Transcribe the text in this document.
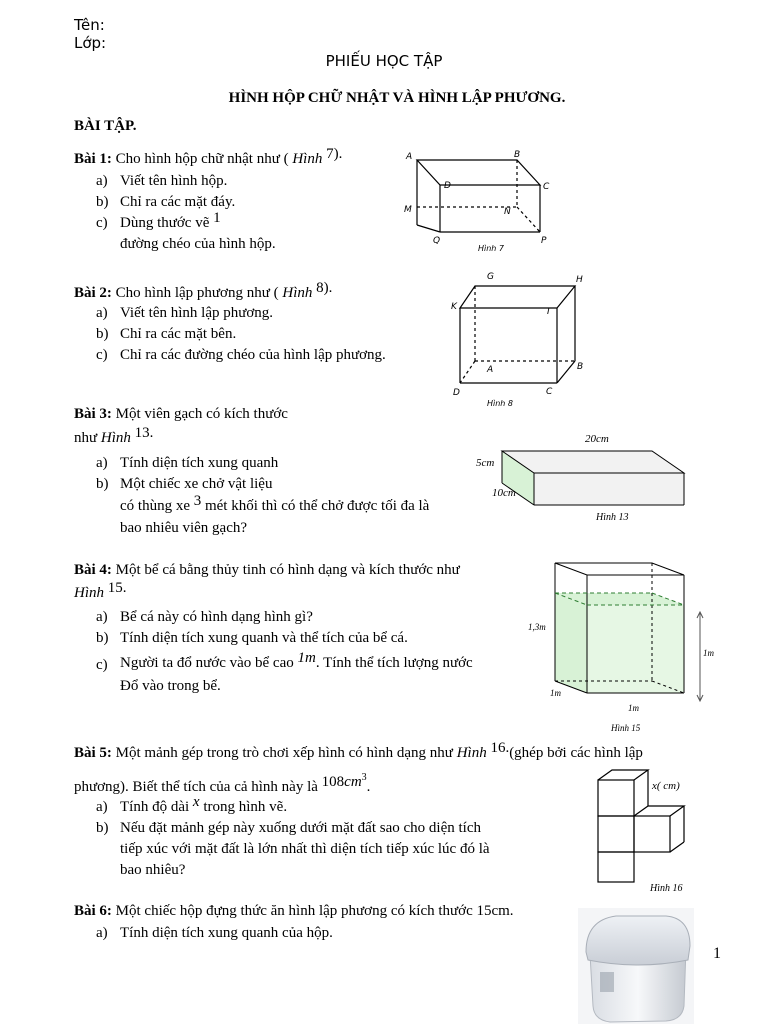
Tên:
Lớp:
PHIẾU HỌC TẬP
HÌNH HỘP CHỮ NHẬT VÀ HÌNH LẬP PHƯƠNG.
BÀI TẬP.
Bài 1: Cho hình hộp chữ nhật như ( Hình 7).
a) Viết tên hình hộp.
b) Chỉ ra các mặt đáy.
c) Dùng thước vẽ 1
đường chéo của hình hộp.
A	B
C
D
M	N
P
Q
Hình 7
Bài 2: Cho hình lập phương như ( Hình 8).
a) Viết tên hình lập phương.
b) Chỉ ra các mặt bên.
c) Chỉ ra các đường chéo của hình lập phương.
G	H
K	I
A	B
C
D
Hình 8
Bài 3: Một viên gạch có kích thước
như Hình 13.
a) Tính diện tích xung quanh
b) Một chiếc xe chở vật liệu
có thùng xe 3 mét khối thì có thể chở được tối đa là
bao nhiêu viên gạch?
20cm
5cm
10cm
Hình 13
Bài 4: Một bể cá bằng thủy tinh có hình dạng và kích thước như
Hình 15.
a) Bể cá này có hình dạng hình gì?
b) Tính diện tích xung quanh và thể tích của bể cá.
c) Người ta đổ nước vào bể cao 1m. Tính thể tích lượng nước
Đổ vào trong bể.
1,3m
1m
1m
1m
Hình 15
Bài 5: Một mảnh gép trong trò chơi xếp hình có hình dạng như Hình 16.(ghép bởi các hình lập
phương). Biết thể tích của cả hình này là $108cm^3$.
a) Tính độ dài x trong hình vẽ.
b) Nếu đặt mảnh gép này xuống dưới mặt đất sao cho diện tích
tiếp xúc với mặt đất là lớn nhất thì diện tích tiếp xúc lúc đó là
bao nhiêu?
x( cm)
Hình 16
Bài 6: Một chiếc hộp đựng thức ăn hình lập phương có kích thước 15cm.
a) Tính diện tích xung quanh của hộp.
1
